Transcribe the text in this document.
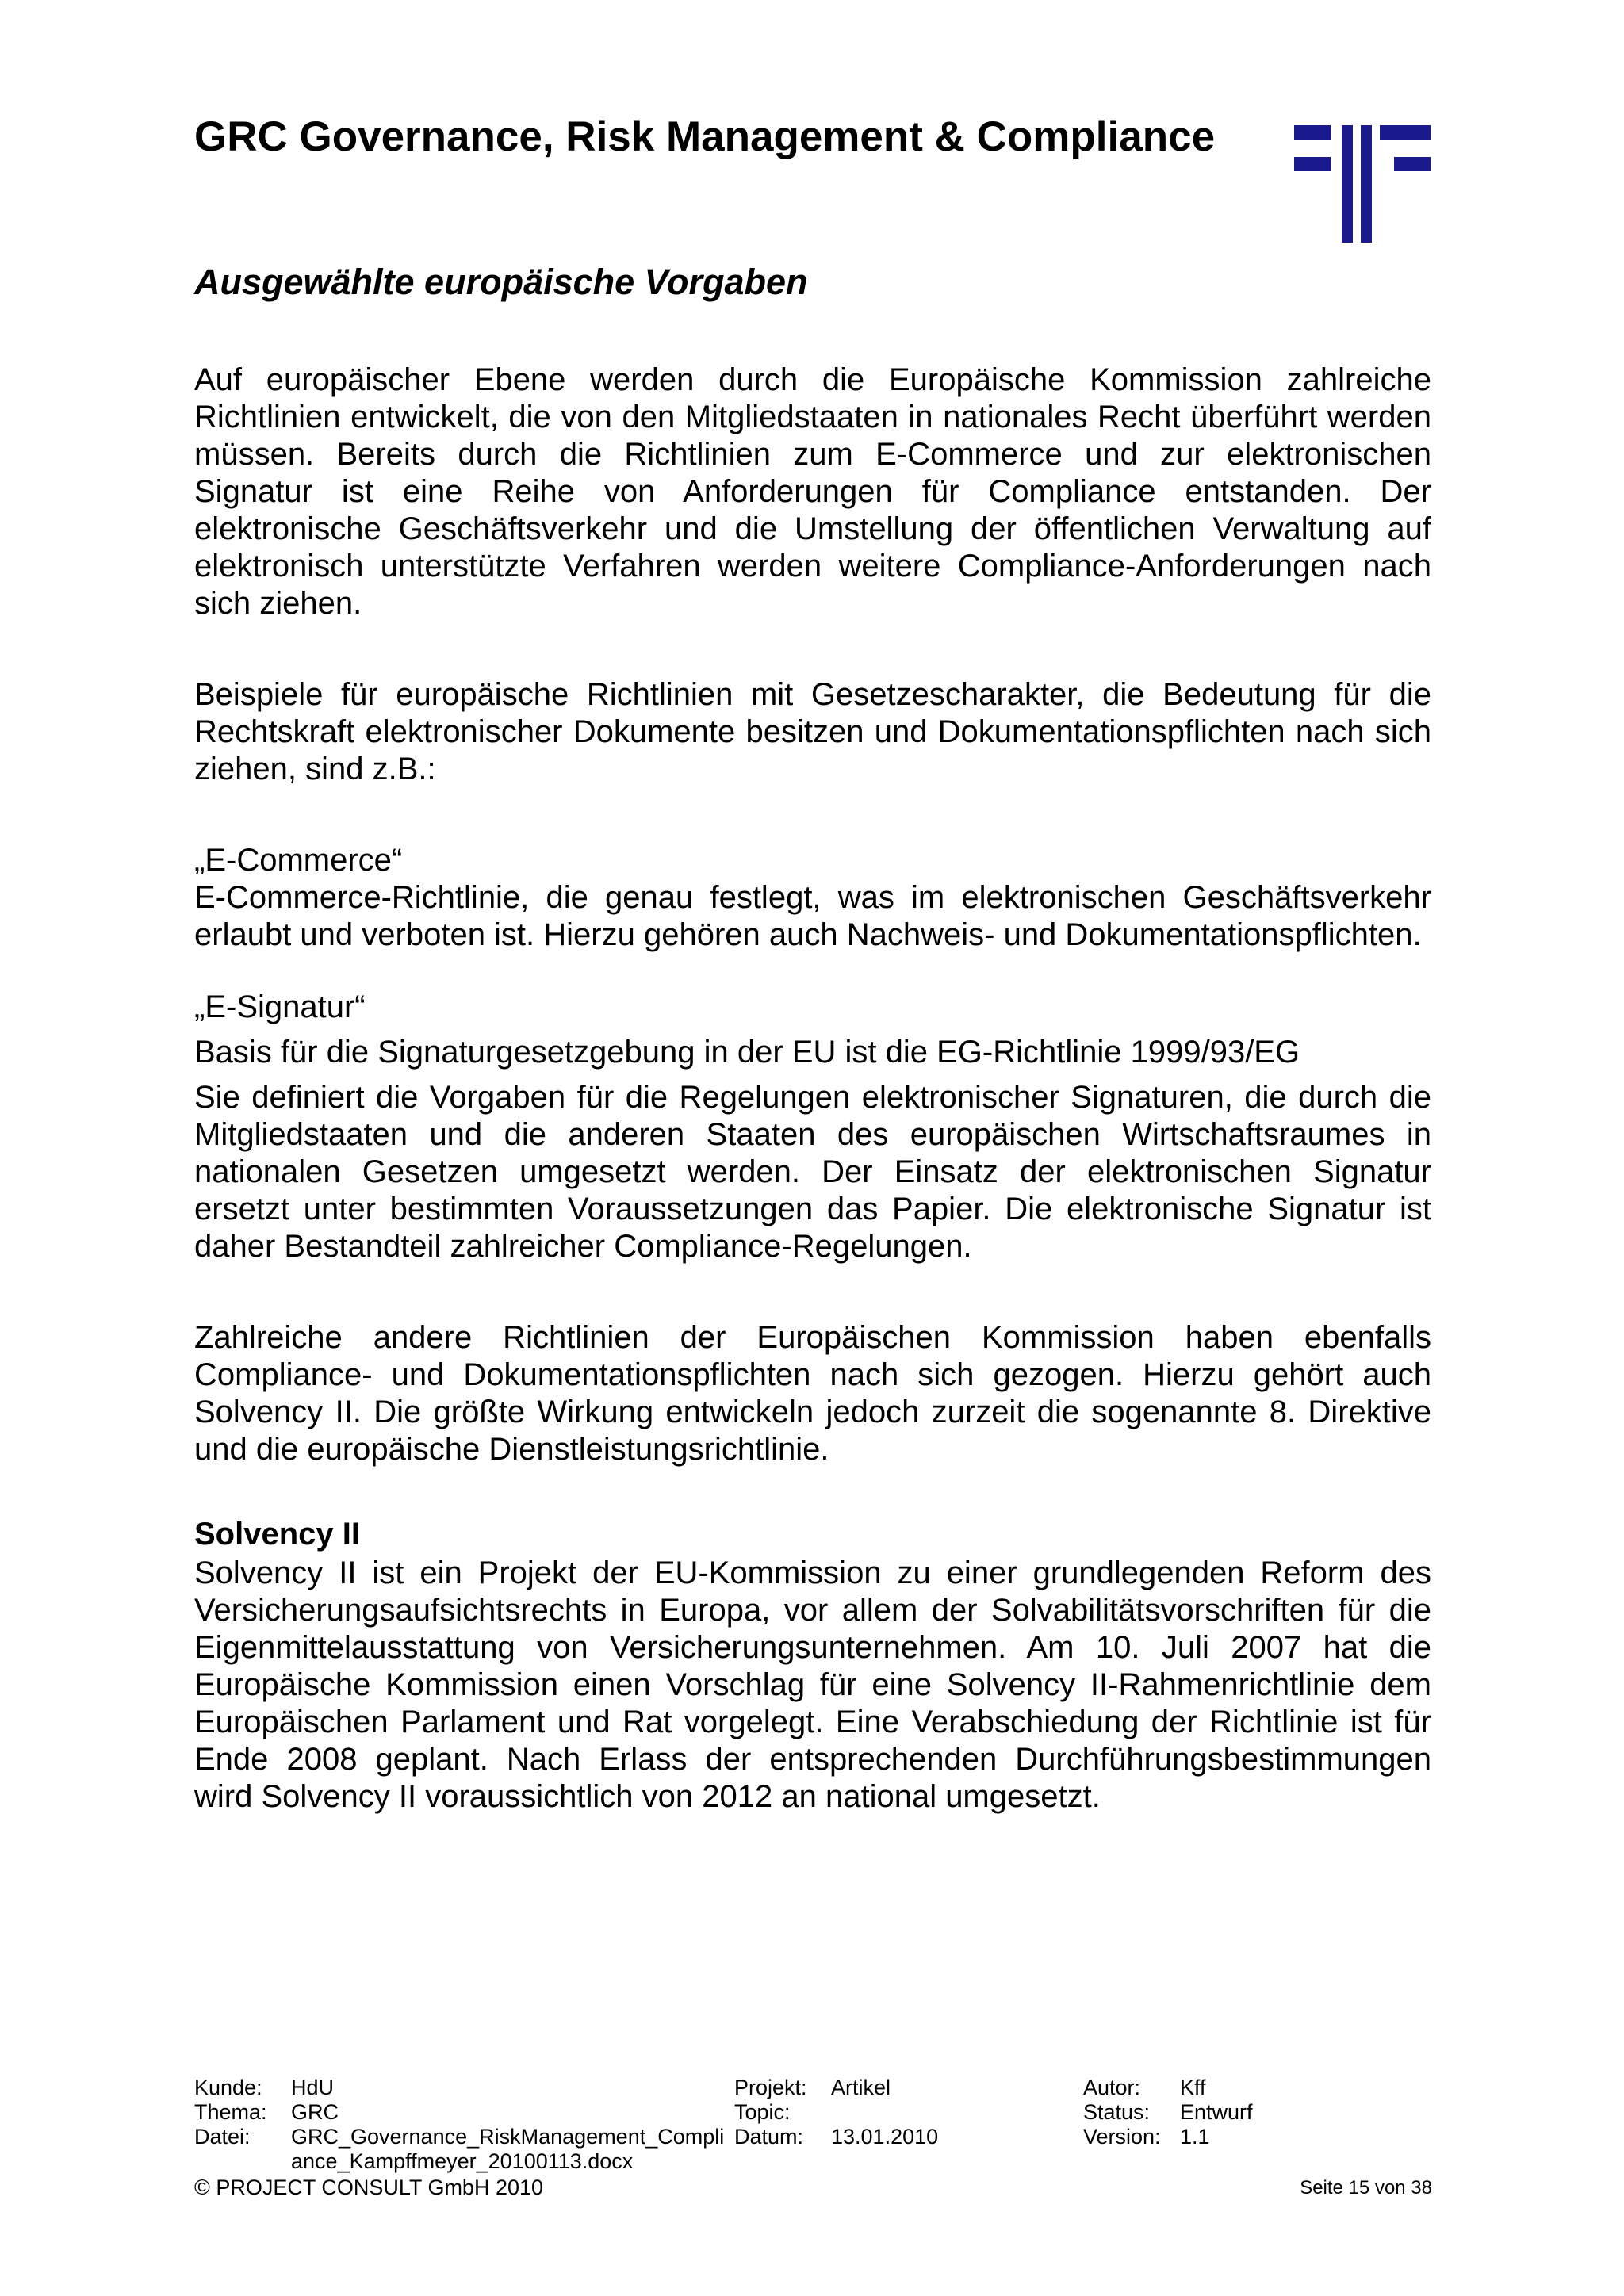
GRC Governance, Risk Management & Compliance
Ausgewählte europäische Vorgaben

Auf europäischer Ebene werden durch die Europäische Kommission zahlreiche Richtlinien entwickelt, die von den Mitgliedstaaten in nationales Recht überführt werden müssen. Bereits durch die Richtlinien zum E-Commerce und zur elektronischen Signatur ist eine Reihe von Anforderungen für Compliance entstanden. Der elektronische Geschäftsverkehr und die Umstellung der öffentlichen Verwaltung auf elektronisch unterstützte Verfahren werden weitere Compliance-Anforderungen nach sich ziehen.

Beispiele für europäische Richtlinien mit Gesetzescharakter, die Bedeutung für die Rechtskraft elektronischer Dokumente besitzen und Dokumentationspflichten nach sich ziehen, sind z.B.:

„E-Commerce“

E-Commerce-Richtlinie, die genau festlegt, was im elektronischen Geschäftsverkehr erlaubt und verboten ist. Hierzu gehören auch Nachweis- und Dokumentationspflichten.

„E-Signatur“

Basis für die Signaturgesetzgebung in der EU ist die EG-Richtlinie 1999/93/EG

Sie definiert die Vorgaben für die Regelungen elektronischer Signaturen, die durch die Mitgliedstaaten und die anderen Staaten des europäischen Wirtschaftsraumes in nationalen Gesetzen umgesetzt werden. Der Einsatz der elektronischen Signatur ersetzt unter bestimmten Voraussetzungen das Papier. Die elektronische Signatur ist daher Bestandteil zahlreicher Compliance-Regelungen.

Zahlreiche andere Richtlinien der Europäischen Kommission haben ebenfalls Compliance- und Dokumentationspflichten nach sich gezogen. Hierzu gehört auch Solvency II. Die größte Wirkung entwickeln jedoch zurzeit die sogenannte 8. Direktive und die europäische Dienstleistungsrichtlinie.

Solvency II

Solvency II ist ein Projekt der EU-Kommission zu einer grundlegenden Reform des Versicherungsaufsichtsrechts in Europa, vor allem der Solvabilitätsvorschriften für die Eigenmittelausstattung von Versicherungsunternehmen. Am 10. Juli 2007 hat die Europäische Kommission einen Vorschlag für eine Solvency II-Rahmenrichtlinie dem Europäischen Parlament und Rat vorgelegt. Eine Verabschiedung der Richtlinie ist für Ende 2008 geplant. Nach Erlass der entsprechenden Durchführungsbestimmungen wird Solvency II voraussichtlich von 2012 an national umgesetzt.

Kunde: HdU
Thema: GRC
Datei: GRC_Governance_RiskManagement_Compliance_Kampffmeyer_20100113.docx
Projekt: Artikel
Topic:
Datum: 13.01.2010
Autor: Kff
Status: Entwurf
Version: 1.1
© PROJECT CONSULT GmbH 2010	Seite 15 von 38
